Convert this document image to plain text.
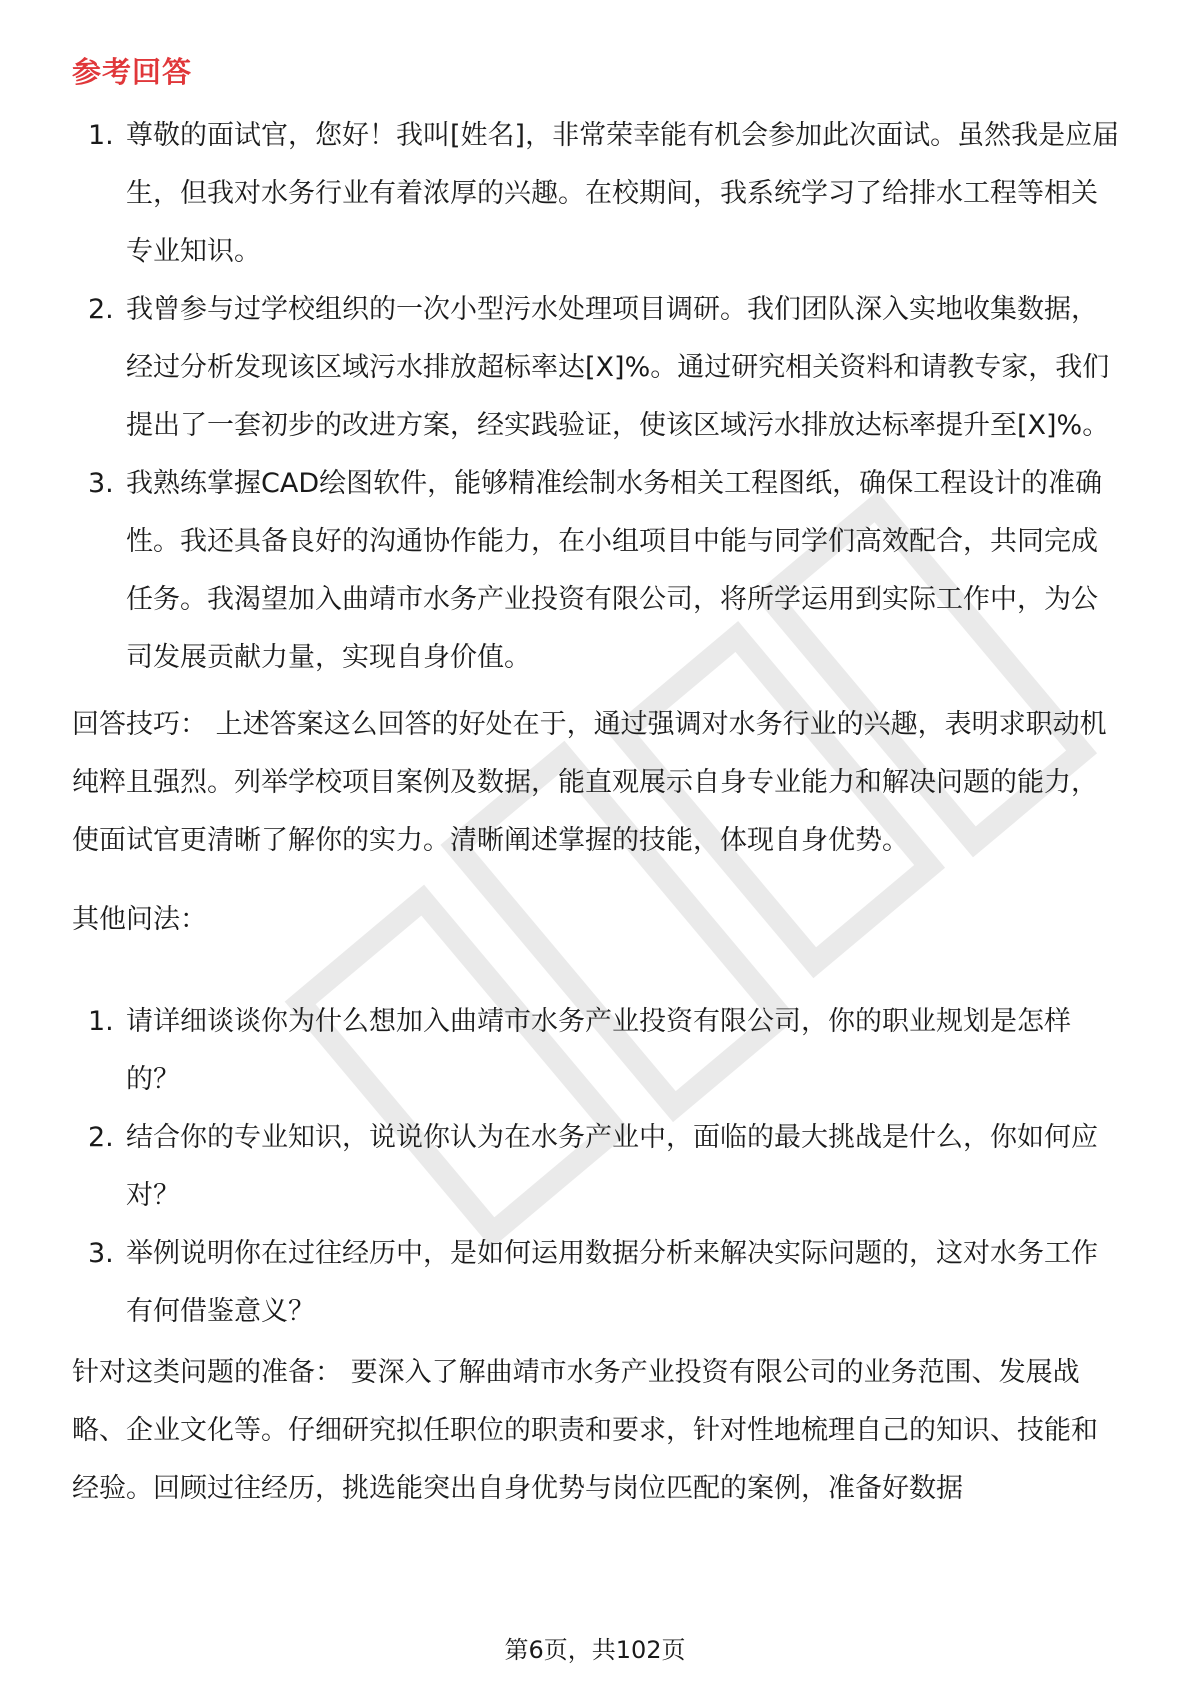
参考回答
1. 尊敬的面试官，您好！我叫[姓名]，非常荣幸能有机会参加此次面试。虽然我是应届生，但我对水务行业有着浓厚的兴趣。在校期间，我系统学习了给排水工程等相关专业知识。
2. 我曾参与过学校组织的一次小型污水处理项目调研。我们团队深入实地收集数据，经过分析发现该区域污水排放超标率达[X]%。通过研究相关资料和请教专家，我们提出了一套初步的改进方案，经实践验证，使该区域污水排放达标率提升至[X]%。
3. 我熟练掌握CAD绘图软件，能够精准绘制水务相关工程图纸，确保工程设计的准确性。我还具备良好的沟通协作能力，在小组项目中能与同学们高效配合，共同完成任务。我渴望加入曲靖市水务产业投资有限公司，将所学运用到实际工作中，为公司发展贡献力量，实现自身价值。
回答技巧： 上述答案这么回答的好处在于，通过强调对水务行业的兴趣，表明求职动机纯粹且强烈。列举学校项目案例及数据，能直观展示自身专业能力和解决问题的能力，使面试官更清晰了解你的实力。清晰阐述掌握的技能，体现自身优势。
其他问法：
1. 请详细谈谈你为什么想加入曲靖市水务产业投资有限公司，你的职业规划是怎样的？
2. 结合你的专业知识，说说你认为在水务产业中，面临的最大挑战是什么，你如何应对？
3. 举例说明你在过往经历中，是如何运用数据分析来解决实际问题的，这对水务工作有何借鉴意义？
针对这类问题的准备： 要深入了解曲靖市水务产业投资有限公司的业务范围、发展战略、企业文化等。仔细研究拟任职位的职责和要求，针对性地梳理自己的知识、技能和经验。回顾过往经历，挑选能突出自身优势与岗位匹配的案例，准备好数据
第6页，共102页
